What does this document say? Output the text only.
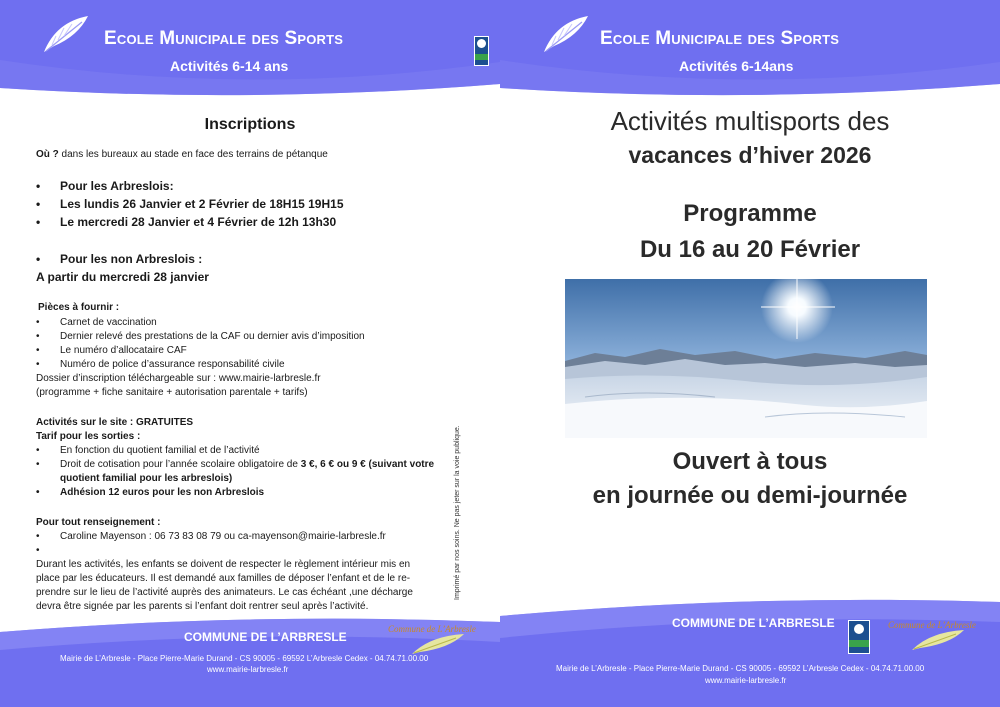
Ecole Municipale des Sports
Activités 6-14 ans
Inscriptions
Où ? dans les bureaux au stade en face des terrains de pétanque
• Pour les Arbreslois:
• Les lundis 26 Janvier et 2 Février de 18H15 19H15
• Le mercredi 28 Janvier et 4 Février de 12h 13h30
• Pour les non Arbreslois :
A partir du mercredi 28 janvier
Pièces à fournir :
• Carnet de vaccination
• Dernier relevé des prestations de la CAF ou dernier avis d’imposition
• Le numéro d’allocataire CAF
• Numéro de police d’assurance responsabilité civile
Dossier d’inscription téléchargeable sur : www.mairie-larbresle.fr
(programme + fiche sanitaire + autorisation parentale + tarifs)
Activités sur le site : GRATUITES
Tarif pour les sorties :
• En fonction du quotient familial et de l’activité
• Droit de cotisation pour l’année scolaire obligatoire de 3 €, 6 € ou 9 € (suivant votre
quotient familial pour les arbreslois)
• Adhésion 12 euros pour les non Arbreslois
Pour tout renseignement :
• Caroline Mayenson : 06 73 83 08 79 ou ca-mayenson@mairie-larbresle.fr
•
Durant les activités, les enfants se doivent de respecter le règlement intérieur mis en
place par les éducateurs. Il est demandé aux familles de déposer l’enfant et de le re-
prendre sur le lieu de l’activité auprès des animateurs. Le cas échéant ,une décharge
devra être signée par les parents si l’enfant doit rentrer seul après l’activité.
Imprimé par nos soins. Ne pas jeter sur la voie publique.
COMMUNE DE L’ARBRESLE
Mairie de L’Arbresle - Place Pierre-Marie Durand - CS 90005 - 69592 L’Arbresle Cedex - 04.74.71.00.00
www.mairie-larbresle.fr
Commune de L’Arbresle
Ecole Municipale des Sports
Activités 6-14ans
COMMUNE DE L’ARBRESLE
Mairie de L’Arbresle - Place Pierre-Marie Durand - CS 90005 - 69592 L’Arbresle Cedex - 04.74.71.00.00
www.mairie-larbresle.fr
Commune de L’Arbresle
Activités multisports des
vacances d’hiver 2026
Programme
Du 16 au 20 Février
Ouvert à tous
en journée ou demi-journée
